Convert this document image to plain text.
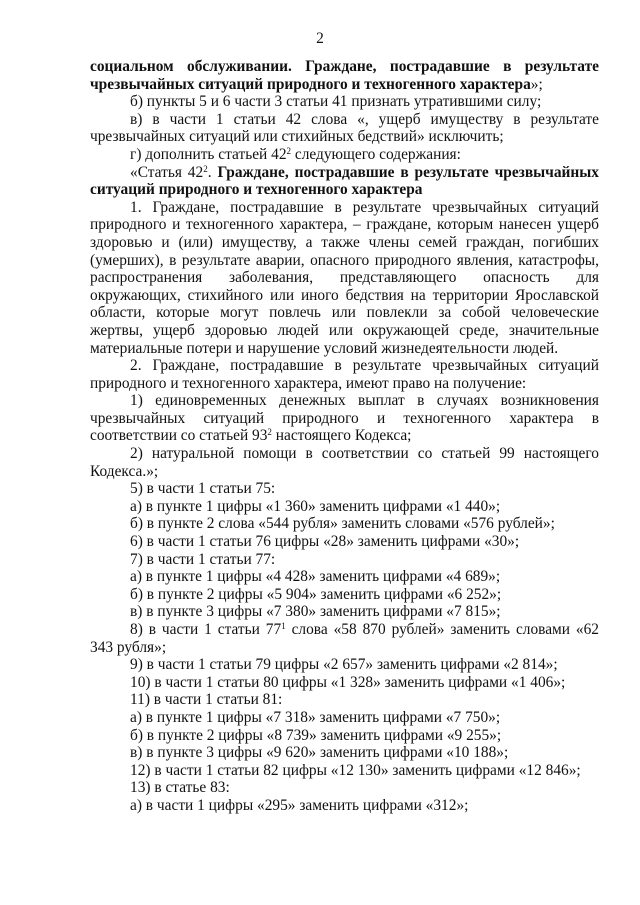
2

социальном обслуживании. Граждане, пострадавшие в результате чрезвычайных ситуаций природного и техногенного характера»;

б) пункты 5 и 6 части 3 статьи 41 признать утратившими силу;

в) в части 1 статьи 42 слова «, ущерб имуществу в результате чрезвычайных ситуаций или стихийных бедствий» исключить;

г) дополнить статьей $42^2$ следующего содержания:

«Статья $42^2$. Граждане, пострадавшие в результате чрезвычайных ситуаций природного и техногенного характера

1. Граждане, пострадавшие в результате чрезвычайных ситуаций природного и техногенного характера, – граждане, которым нанесен ущерб здоровью и (или) имуществу, а также члены семей граждан, погибших (умерших), в результате аварии, опасного природного явления, катастрофы, распространения заболевания, представляющего опасность для окружающих, стихийного или иного бедствия на территории Ярославской области, которые могут повлечь или повлекли за собой человеческие жертвы, ущерб здоровью людей или окружающей среде, значительные материальные потери и нарушение условий жизнедеятельности людей.

2. Граждане, пострадавшие в результате чрезвычайных ситуаций природного и техногенного характера, имеют право на получение:

1) единовременных денежных выплат в случаях возникновения чрезвычайных ситуаций природного и техногенного характера в соответствии со статьей $93^2$ настоящего Кодекса;

2) натуральной помощи в соответствии со статьей 99 настоящего Кодекса.»;

5) в части 1 статьи 75:

а) в пункте 1 цифры «1 360» заменить цифрами «1 440»;

б) в пункте 2 слова «544 рубля» заменить словами «576 рублей»;

6) в части 1 статьи 76 цифры «28» заменить цифрами «30»;

7) в части 1 статьи 77:

а) в пункте 1 цифры «4 428» заменить цифрами «4 689»;

б) в пункте 2 цифры «5 904» заменить цифрами «6 252»;

в) в пункте 3 цифры «7 380» заменить цифрами «7 815»;

8) в части 1 статьи $77^1$ слова «58 870 рублей» заменить словами «62 343 рубля»;

9) в части 1 статьи 79 цифры «2 657» заменить цифрами «2 814»;

10) в части 1 статьи 80 цифры «1 328» заменить цифрами «1 406»;

11) в части 1 статьи 81:

а) в пункте 1 цифры «7 318» заменить цифрами «7 750»;

б) в пункте 2 цифры «8 739» заменить цифрами «9 255»;

в) в пункте 3 цифры «9 620» заменить цифрами «10 188»;

12) в части 1 статьи 82 цифры «12 130» заменить цифрами «12 846»;

13) в статье 83:

а) в части 1 цифры «295» заменить цифрами «312»;
